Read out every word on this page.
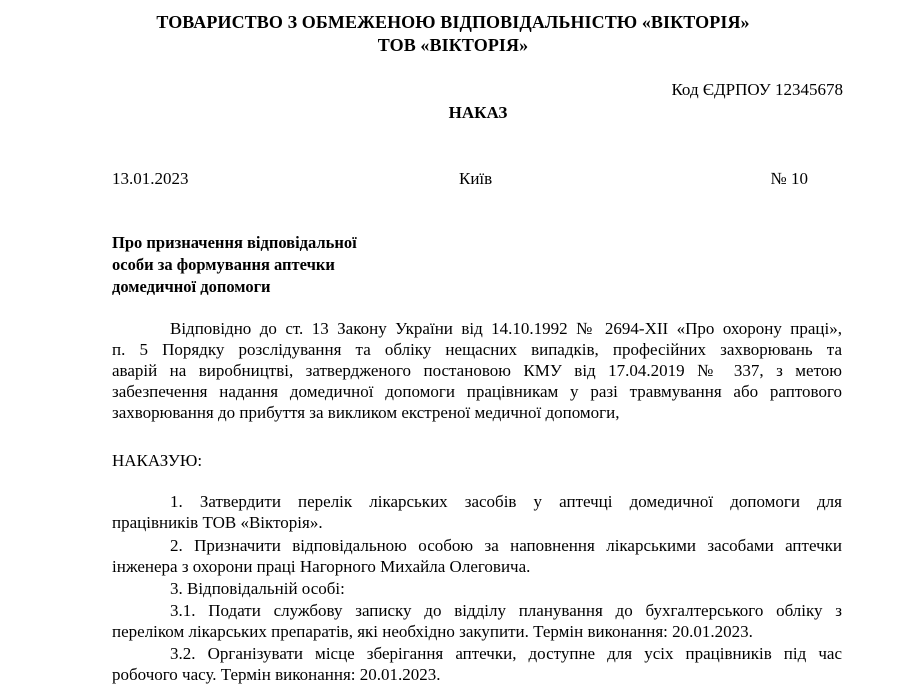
ТОВАРИСТВО З ОБМЕЖЕНОЮ ВІДПОВІДАЛЬНІСТЮ «ВІКТОРІЯ»
ТОВ «ВІКТОРІЯ»
Код ЄДРПОУ 12345678
НАКАЗ
13.01.2023	Київ	№ 10
Про призначення відповідальної
особи за формування аптечки
домедичної допомоги
Відповідно до ст. 13 Закону України від 14.10.1992 № 2694-ХІІ «Про охорону праці»,
п. 5 Порядку розслідування та обліку нещасних випадків, професійних захворювань та
аварій на виробництві, затвердженого постановою КМУ від 17.04.2019 № 337, з метою
забезпечення надання домедичної допомоги працівникам у разі травмування або раптового
захворювання до прибуття за викликом екстреної медичної допомоги,
НАКАЗУЮ:
1. Затвердити перелік лікарських засобів у аптечці домедичної допомоги для
працівників ТОВ «Вікторія».
2. Призначити відповідальною особою за наповнення лікарськими засобами аптечки
інженера з охорони праці Нагорного Михайла Олеговича.
3. Відповідальній особі:
3.1. Подати службову записку до відділу планування до бухгалтерського обліку з
переліком лікарських препаратів, які необхідно закупити. Термін виконання: 20.01.2023.
3.2. Організувати місце зберігання аптечки, доступне для усіх працівників під час
робочого часу. Термін виконання: 20.01.2023.
